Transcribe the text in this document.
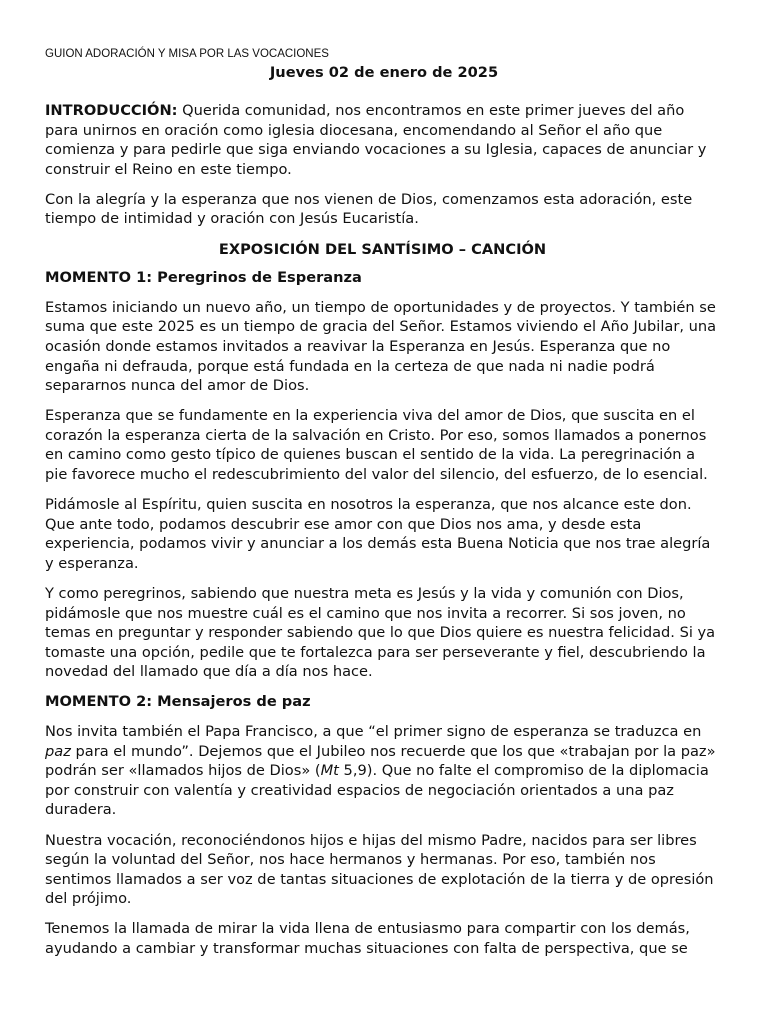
GUION ADORACIÓN Y MISA POR LAS VOCACIONES
Jueves 02 de enero de 2025

INTRODUCCIÓN: Querida comunidad, nos encontramos en este primer jueves del año para unirnos en oración como iglesia diocesana, encomendando al Señor el año que comienza y para pedirle que siga enviando vocaciones a su Iglesia, capaces de anunciar y construir el Reino en este tiempo.

Con la alegría y la esperanza que nos vienen de Dios, comenzamos esta adoración, este tiempo de intimidad y oración con Jesús Eucaristía.

EXPOSICIÓN DEL SANTÍSIMO – CANCIÓN
MOMENTO 1: Peregrinos de Esperanza

Estamos iniciando un nuevo año, un tiempo de oportunidades y de proyectos. Y también se suma que este 2025 es un tiempo de gracia del Señor. Estamos viviendo el Año Jubilar, una ocasión donde estamos invitados a reavivar la Esperanza en Jesús. Esperanza que no engaña ni defrauda, porque está fundada en la certeza de que nada ni nadie podrá separarnos nunca del amor de Dios.

Esperanza que se fundamente en la experiencia viva del amor de Dios, que suscita en el corazón la esperanza cierta de la salvación en Cristo. Por eso, somos llamados a ponernos en camino como gesto típico de quienes buscan el sentido de la vida. La peregrinación a pie favorece mucho el redescubrimiento del valor del silencio, del esfuerzo, de lo esencial.

Pidámosle al Espíritu, quien suscita en nosotros la esperanza, que nos alcance este don. Que ante todo, podamos descubrir ese amor con que Dios nos ama, y desde esta experiencia, podamos vivir y anunciar a los demás esta Buena Noticia que nos trae alegría y esperanza.

Y como peregrinos, sabiendo que nuestra meta es Jesús y la vida y comunión con Dios, pidámosle que nos muestre cuál es el camino que nos invita a recorrer. Si sos joven, no temas en preguntar y responder sabiendo que lo que Dios quiere es nuestra felicidad. Si ya tomaste una opción, pedile que te fortalezca para ser perseverante y fiel, descubriendo la novedad del llamado que día a día nos hace.

MOMENTO 2: Mensajeros de paz

Nos invita también el Papa Francisco, a que “el primer signo de esperanza se traduzca en paz para el mundo”. Dejemos que el Jubileo nos recuerde que los que «trabajan por la paz» podrán ser «llamados hijos de Dios» (Mt 5,9). Que no falte el compromiso de la diplomacia por construir con valentía y creatividad espacios de negociación orientados a una paz duradera.

Nuestra vocación, reconociéndonos hijos e hijas del mismo Padre, nacidos para ser libres según la voluntad del Señor, nos hace hermanos y hermanas. Por eso, también nos sentimos llamados a ser voz de tantas situaciones de explotación de la tierra y de opresión del prójimo.

Tenemos la llamada de mirar la vida llena de entusiasmo para compartir con los demás, ayudando a cambiar y transformar muchas situaciones con falta de perspectiva, que se
